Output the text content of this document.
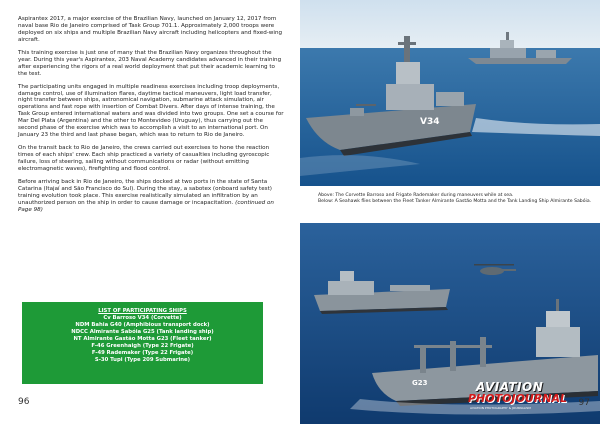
Aspirantex 2017, a major exercise of the Brazilian Navy, launched on January 12, 2017 from naval base Rio de Janeiro comprised of Task Group 701.1. Approximately 2,000 troops were deployed on six ships and multiple Brazilian Navy aircraft including helicopters and fixed-wing aircraft.

This training exercise is just one of many that the Brazilian Navy organizes throughout the year. During this year's Aspirantex, 203 Naval Academy candidates advanced in their training after experiencing the rigors of a real world deployment that put their academic learning to the test.

The participating units engaged in multiple readiness exercises including troop deployments, damage control, use of illumination flares, daytime tactical maneuvers, light load transfer, night transfer between ships, astronomical navigation, submarine attack simulation, air operations and fast rope with insertion of Combat Divers. After days of intense training, the Task Group entered international waters and was divided into two groups. One set a course for Mar Del Plata (Argentina) and the other to Montevideo (Uruguay), thus carrying out the second phase of the exercise which was to accomplish a visit to an international port. On January 23 the third and last phase began, which was to return to Rio de Janeiro.

On the transit back to Rio de Janeiro, the crews carried out exercises to hone the reaction times of each ships' crew. Each ship practiced a variety of casualties including gyroscopic failure, loss of steering, sailing without communications or radar (without emitting electromagnetic waves), firefighting and flood control.

Before arriving back in Rio de Janeiro, the ships docked at two ports in the state of Santa Catarina (Itajaí and São Francisco do Sul). During the stay, a sabotex (onboard safety test) training evolution took place. This exercise realistically simulated an infiltration by an unauthorized person on the ship in order to cause damage or incapacitation. (continued on Page 98)

LIST OF PARTICIPATING SHIPS
Cv Barroso V34 (Corvette)
NDM Bahia G40 (Amphibious transport dock)
NDCC Almirante Sabóia G25 (Tank landing ship)
NT Almirante Gastão Motta G23 (Fleet tanker)
F-46 Greenhaigh (Type 22 Frigate)
F-49 Rademaker (Type 22 Frigate)
S-30 Tupi (Type 209 Submarine)
96
V34

Above: The Corvette Barroso and Frigate Rademaker during maneuvers while at sea.

Below: A Seahawk flies between the Fleet Tanker Almirante Gastão Motta and the Tank Landing Ship Almirante Sabóia.

G23	AVIATION
PHOTOJOURNAL
AVIATION PHOTOGRAPHY & JOURNALISM	97
